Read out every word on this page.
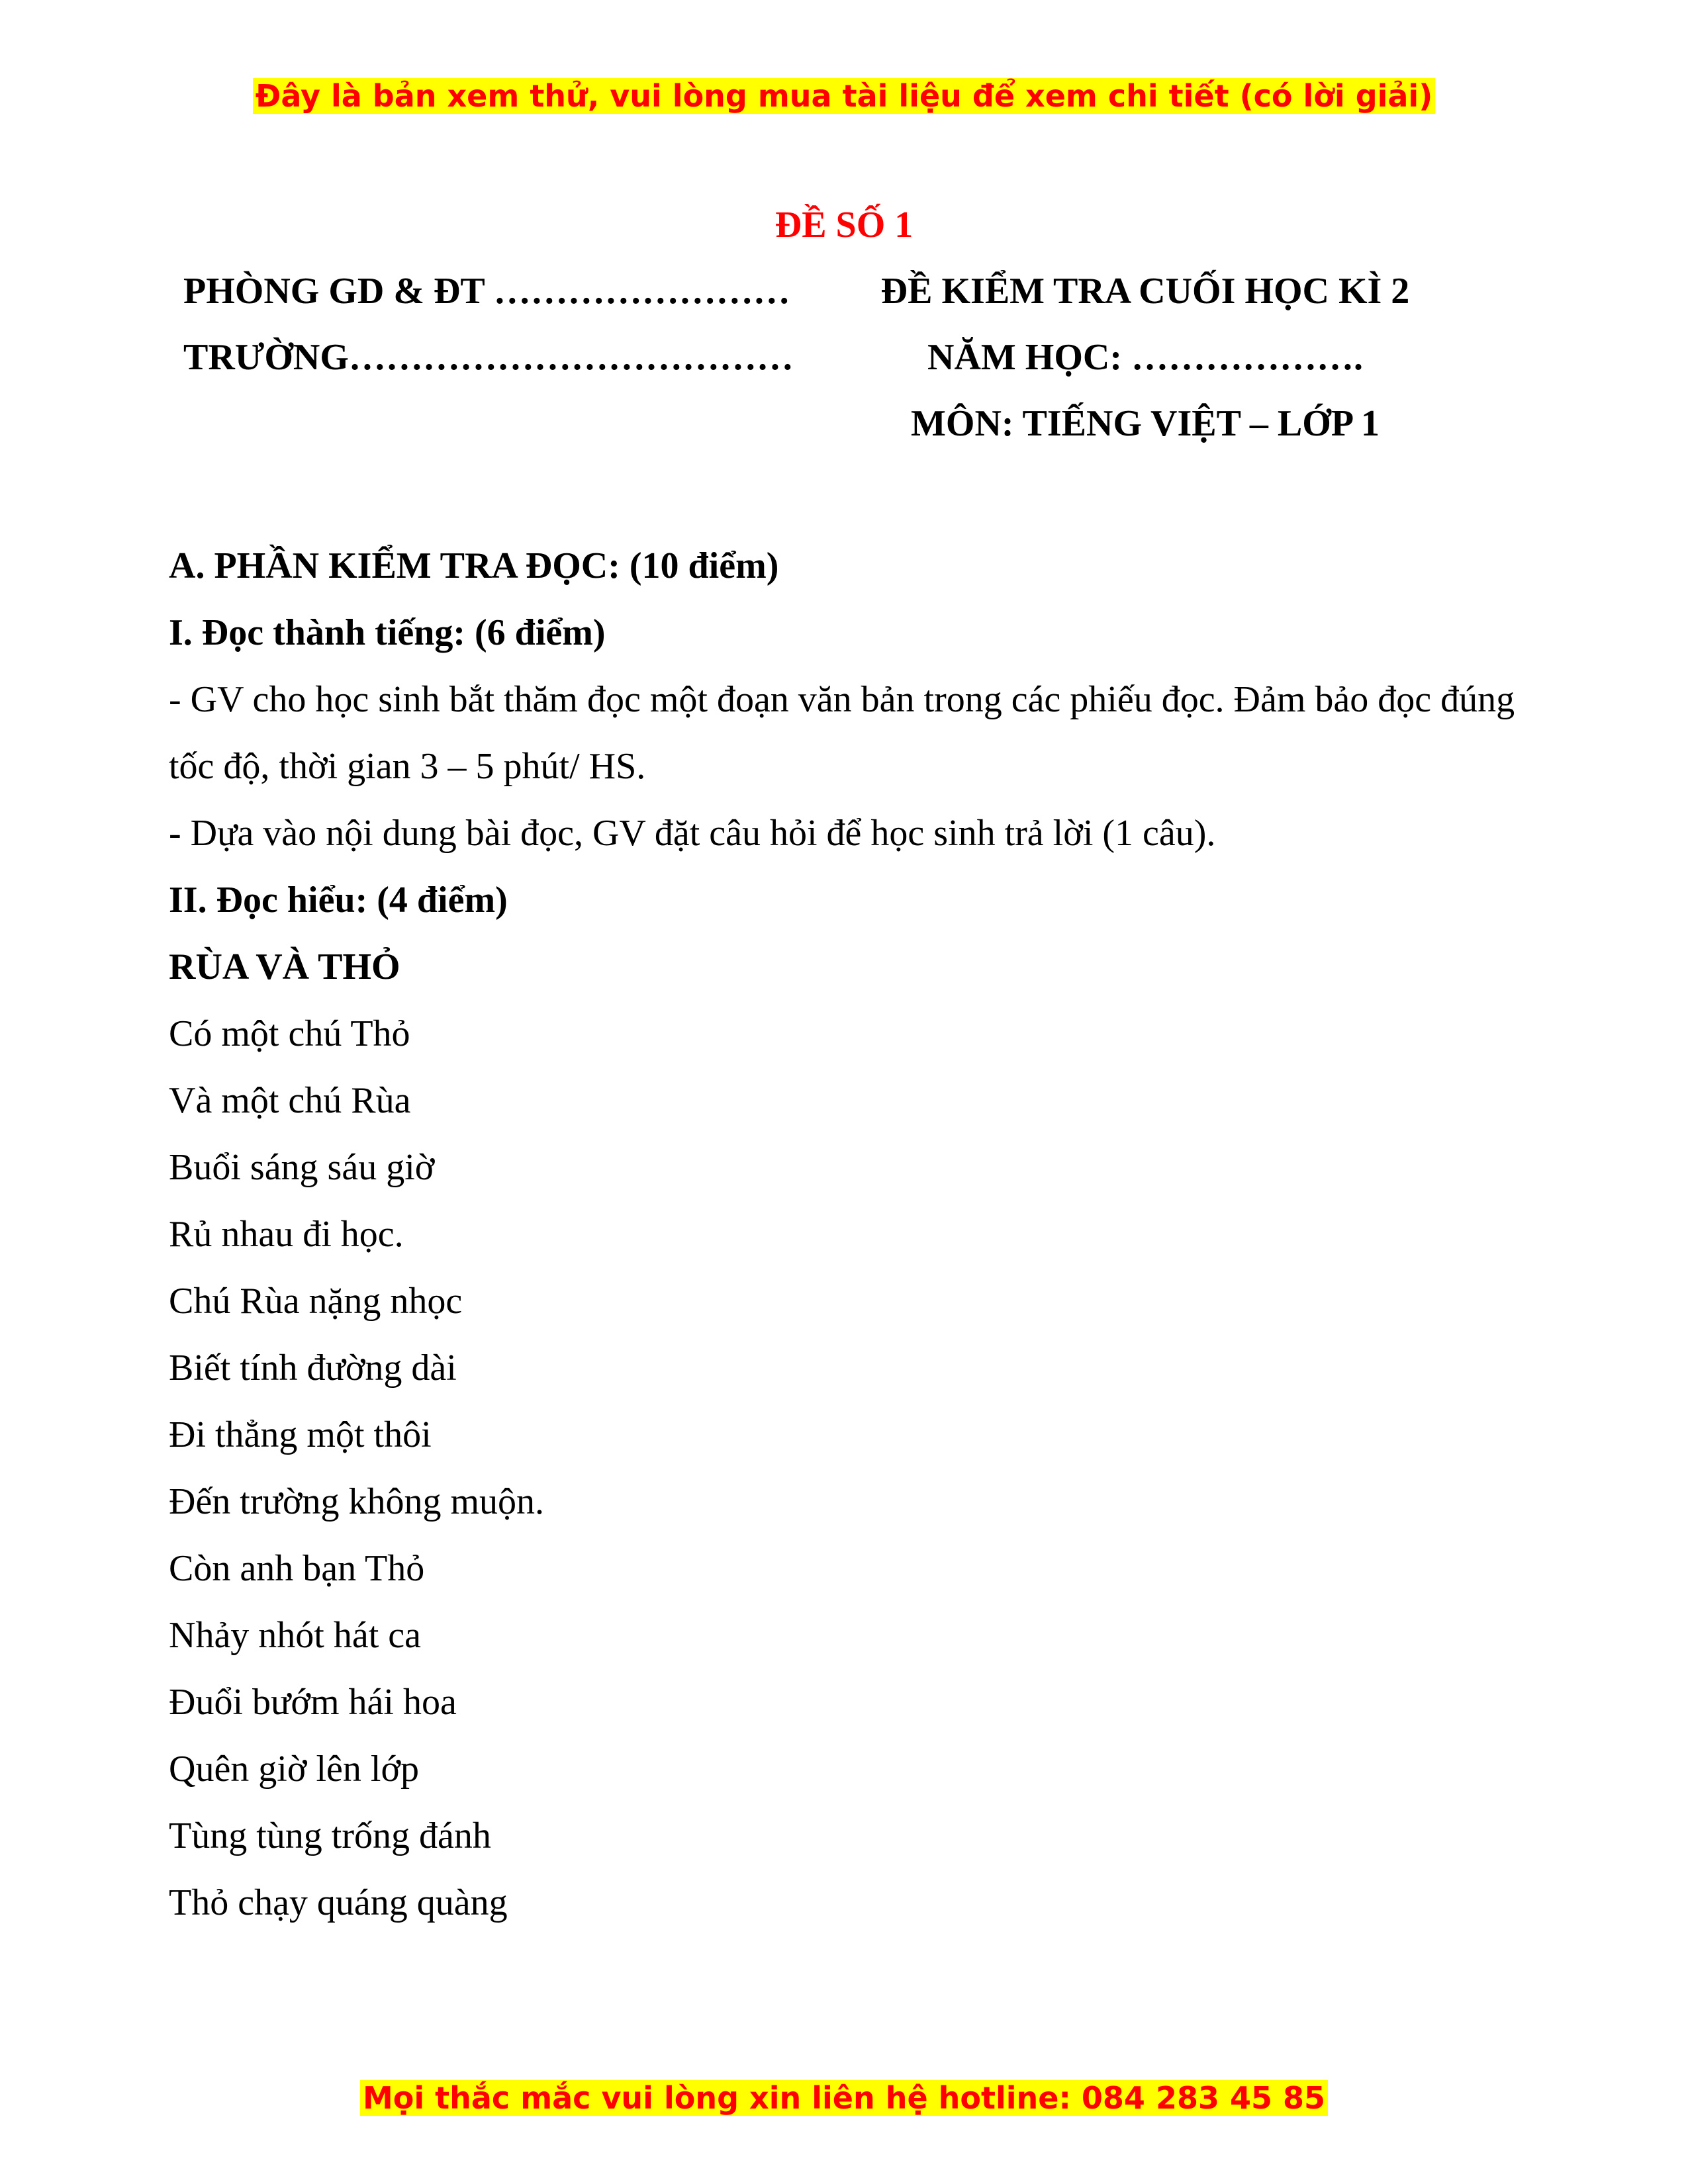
Đây là bản xem thử, vui lòng mua tài liệu để xem chi tiết (có lời giải)
ĐỀ SỐ 1
PHÒNG GD & ĐT ……………………
TRƯỜNG………………………………
ĐỀ KIỂM TRA CUỐI HỌC KÌ 2
NĂM HỌC: ……………….
MÔN: TIẾNG VIỆT – LỚP 1
A. PHẦN KIỂM TRA ĐỌC: (10 điểm)
I. Đọc thành tiếng: (6 điểm)
- GV cho học sinh bắt thăm đọc một đoạn văn bản trong các phiếu đọc. Đảm bảo đọc đúng tốc độ, thời gian 3 – 5 phút/ HS.
- Dựa vào nội dung bài đọc, GV đặt câu hỏi để học sinh trả lời (1 câu).
II. Đọc hiểu: (4 điểm)
RÙA VÀ THỎ
Có một chú Thỏ
Và một chú Rùa
Buổi sáng sáu giờ
Rủ nhau đi học.
Chú Rùa nặng nhọc
Biết tính đường dài
Đi thẳng một thôi
Đến trường không muộn.
Còn anh bạn Thỏ
Nhảy nhót hát ca
Đuổi bướm hái hoa
Quên giờ lên lớp
Tùng tùng trống đánh
Thỏ chạy quáng quàng
Mọi thắc mắc vui lòng xin liên hệ hotline: 084 283 45 85
